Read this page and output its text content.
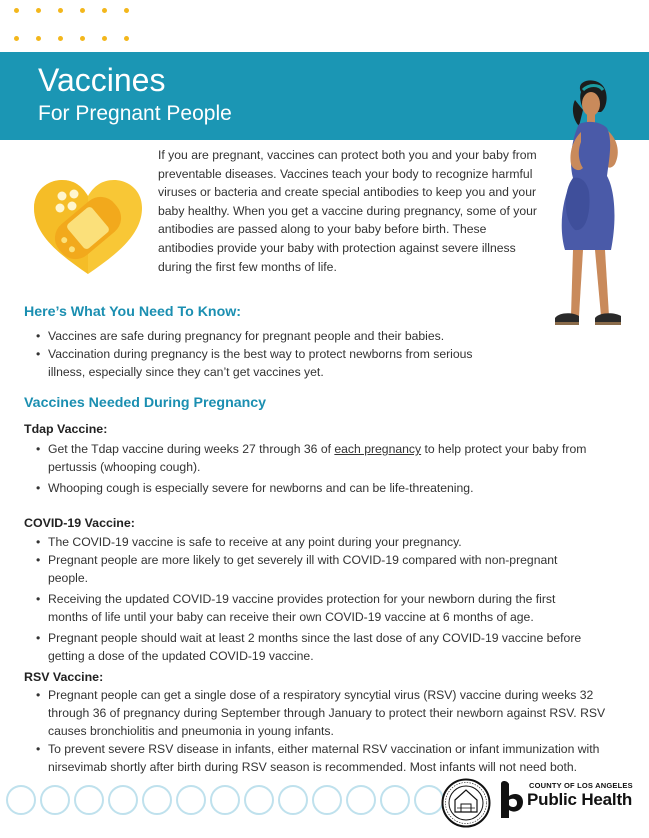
Vaccines
For Pregnant People

If you are pregnant, vaccines can protect both you and your baby from preventable diseases. Vaccines teach your body to recognize harmful viruses or bacteria and create special antibodies to keep you and your baby healthy. When you get a vaccine during pregnancy, some of your antibodies are passed along to your baby before birth. These antibodies provide your baby with protection against severe illness during the first few months of life.

Here’s What You Need To Know:
• Vaccines are safe during pregnancy for pregnant people and their babies.
• Vaccination during pregnancy is the best way to protect newborns from serious illness, especially since they can’t get vaccines yet.
Vaccines Needed During Pregnancy
Tdap Vaccine:
• Get the Tdap vaccine during weeks 27 through 36 of each pregnancy to help protect your baby from pertussis (whooping cough).
• Whooping cough is especially severe for newborns and can be life-threatening.
COVID-19 Vaccine:
• The COVID-19 vaccine is safe to receive at any point during your pregnancy.
• Pregnant people are more likely to get severely ill with COVID-19 compared with non-pregnant people.
• Receiving the updated COVID-19 vaccine provides protection for your newborn during the first months of life until your baby can receive their own COVID-19 vaccine at 6 months of age.
• Pregnant people should wait at least 2 months since the last dose of any COVID-19 vaccine before getting a dose of the updated COVID-19 vaccine.
RSV Vaccine:
• Pregnant people can get a single dose of a respiratory syncytial virus (RSV) vaccine during weeks 32 through 36 of pregnancy during September through January to protect their newborn against RSV. RSV causes bronchiolitis and pneumonia in young infants.
• To prevent severe RSV disease in infants, either maternal RSV vaccination or infant immunization with nirsevimab shortly after birth during RSV season is recommended. Most infants will not need both.
COUNTY OF LOS ANGELES
Public Health
